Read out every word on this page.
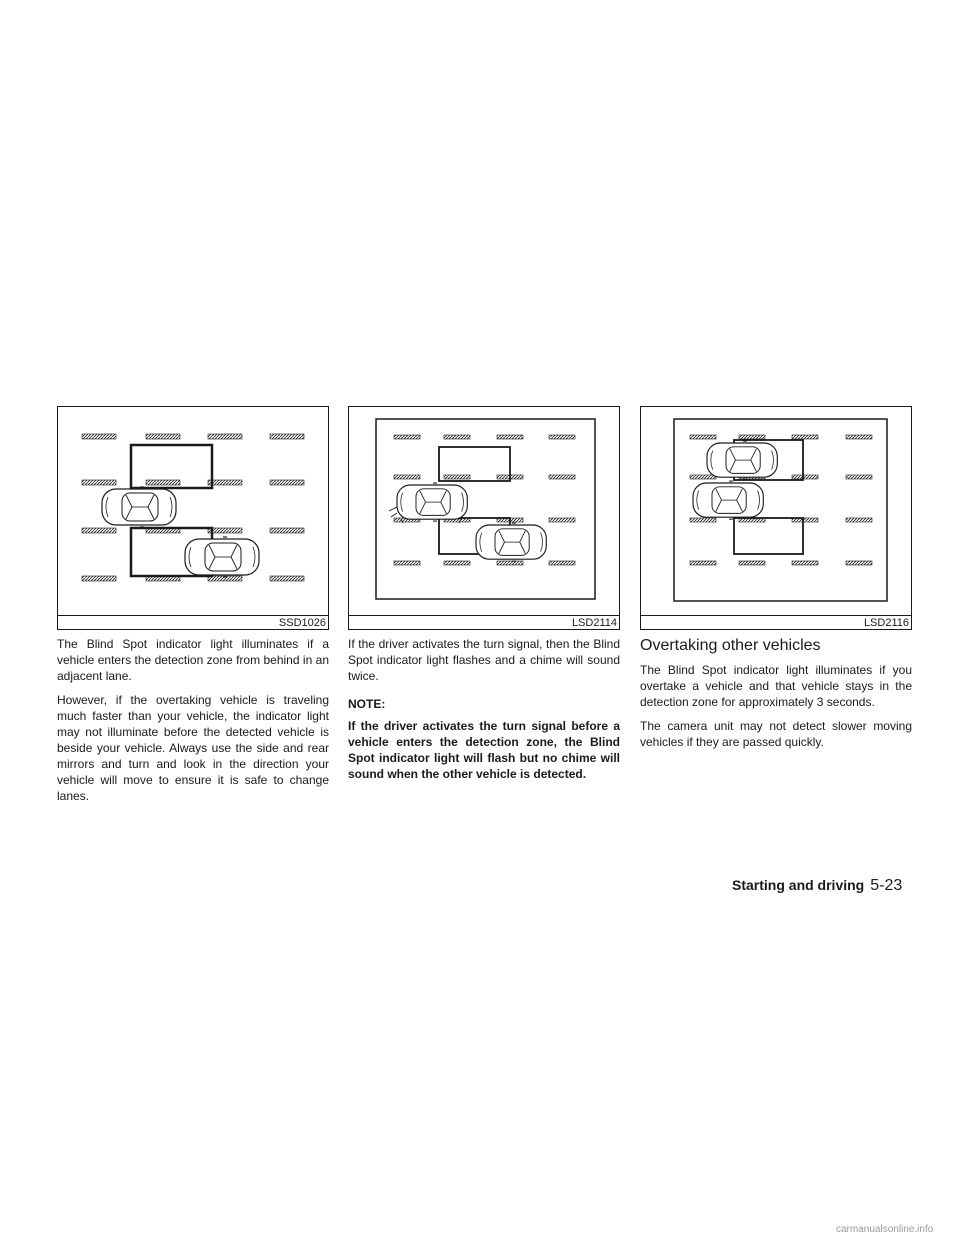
SSD1026

The Blind Spot indicator light illuminates if a vehicle enters the detection zone from behind in an adjacent lane.

However, if the overtaking vehicle is traveling much faster than your vehicle, the indicator light may not illuminate before the detected vehicle is beside your vehicle. Always use the side and rear mirrors and turn and look in the direction your vehicle will move to ensure it is safe to change lanes.

LSD2114

If the driver activates the turn signal, then the Blind Spot indicator light flashes and a chime will sound twice.

NOTE:

If the driver activates the turn signal before a vehicle enters the detection zone, the Blind Spot indicator light will flash but no chime will sound when the other vehicle is detected.

LSD2116
Overtaking other vehicles

The Blind Spot indicator light illuminates if you overtake a vehicle and that vehicle stays in the detection zone for approximately 3 seconds.

The camera unit may not detect slower moving vehicles if they are passed quickly.

Starting and driving 5-23
carmanualsonline.info
